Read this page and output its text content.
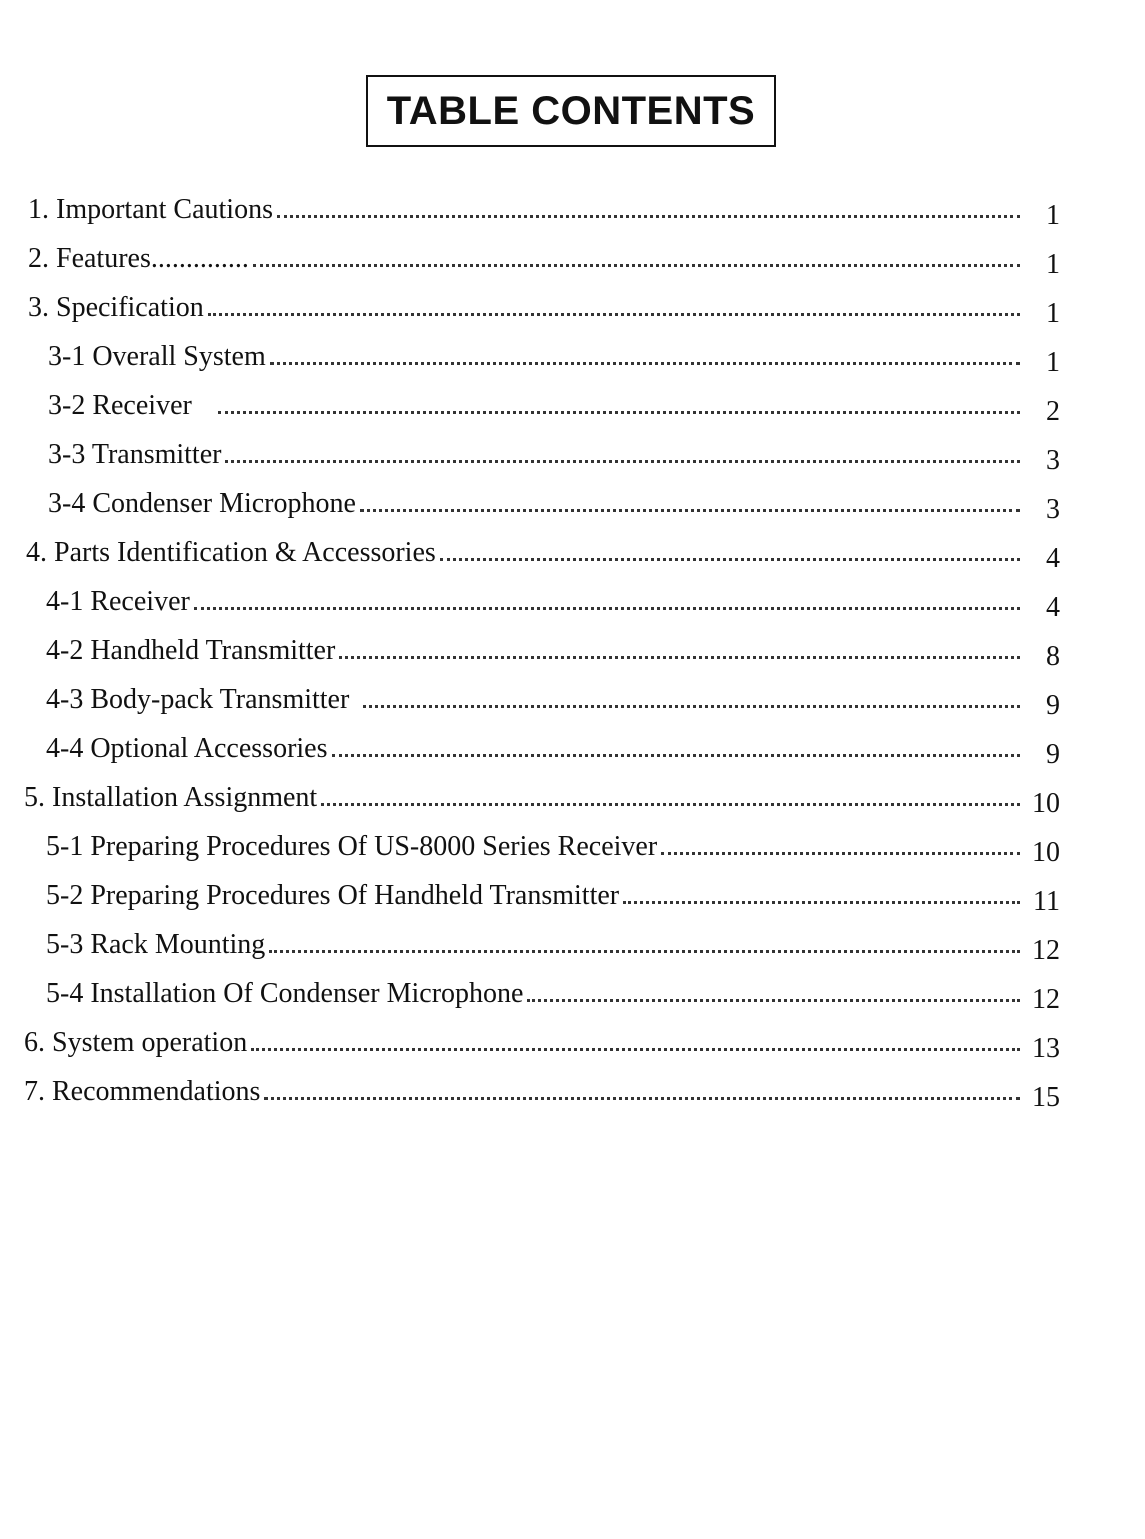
TABLE CONTENTS
1. Important Cautions	1
2. Features..............	1
3. Specification	1
3-1 Overall System	1
3-2 Receiver	2
3-3 Transmitter	3
3-4 Condenser Microphone	3
4. Parts Identification & Accessories	4
4-1 Receiver	4
4-2 Handheld Transmitter	8
4-3 Body-pack Transmitter	9
4-4 Optional Accessories	9
5. Installation Assignment	10
5-1 Preparing Procedures Of US-8000 Series Receiver	10
5-2 Preparing Procedures Of Handheld Transmitter	11
5-3 Rack Mounting	12
5-4 Installation Of Condenser Microphone	12
6. System operation	13
7. Recommendations	15
